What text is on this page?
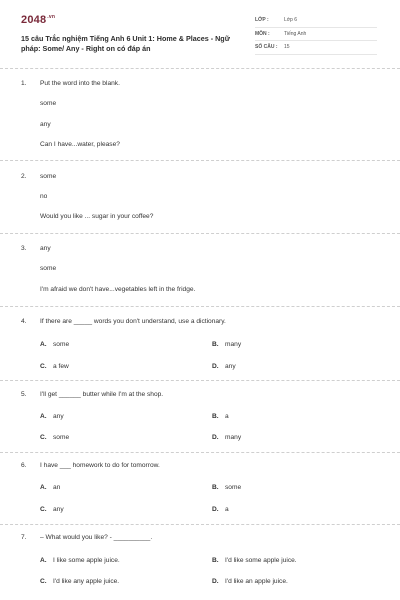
$2048^{.vn}$
15 câu Trắc nghiệm Tiếng Anh 6 Unit 1: Home & Places - Ngữ pháp: Some/ Any - Right on có đáp án
LỚP :	Lớp 6
MÔN :	Tiếng Anh
SỐ CÂU : 15
1. Put the word into the blank.
some
any
Can I have...water, please?
2. some
no
Would you like ... sugar in your coffee?
3. any
some
I'm afraid we don't have...vegetables left in the fridge.
4. If there are _____ words you don't understand, use a dictionary.
A. some	B. many
C. a few	D. any
5. I'll get ______ butter while I'm at the shop.
A. any	B. a
C. some	D. many
6. I have ___ homework to do for tomorrow.
A. an	B. some
C. any	D. a
7. – What would you like? - __________.
A. I like some apple juice.	B. I'd like some apple juice.
C. I'd like any apple juice.	D. I'd like an apple juice.
